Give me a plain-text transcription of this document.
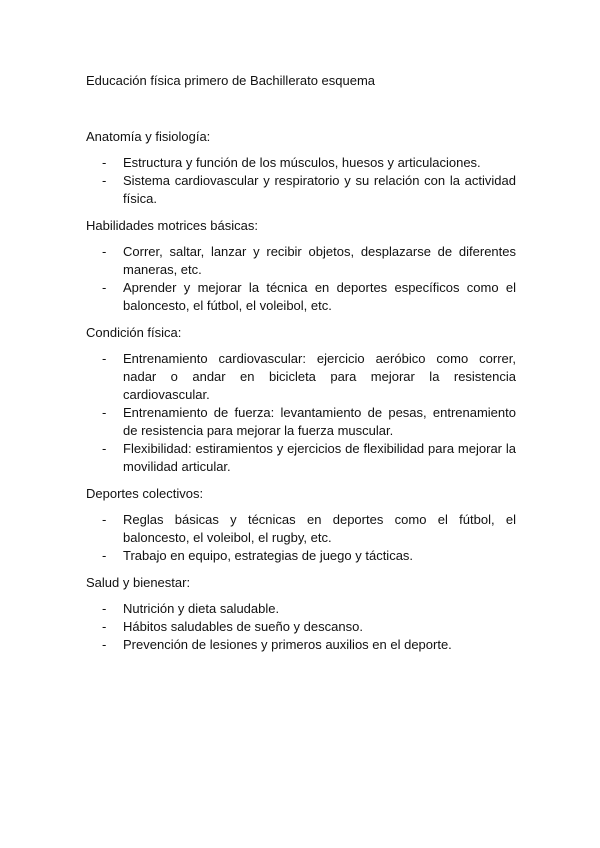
Educación física primero de Bachillerato esquema
Anatomía y fisiología:
- Estructura y función de los músculos, huesos y articulaciones.
- Sistema cardiovascular y respiratorio y su relación con la actividad física.
Habilidades motrices básicas:
- Correr, saltar, lanzar y recibir objetos, desplazarse de diferentes maneras, etc.
- Aprender y mejorar la técnica en deportes específicos como el baloncesto, el fútbol, el voleibol, etc.
Condición física:
- Entrenamiento cardiovascular: ejercicio aeróbico como correr, nadar o andar en bicicleta para mejorar la resistencia cardiovascular.
- Entrenamiento de fuerza: levantamiento de pesas, entrenamiento de resistencia para mejorar la fuerza muscular.
- Flexibilidad: estiramientos y ejercicios de flexibilidad para mejorar la movilidad articular.
Deportes colectivos:
- Reglas básicas y técnicas en deportes como el fútbol, el baloncesto, el voleibol, el rugby, etc.
- Trabajo en equipo, estrategias de juego y tácticas.
Salud y bienestar:
- Nutrición y dieta saludable.
- Hábitos saludables de sueño y descanso.
- Prevención de lesiones y primeros auxilios en el deporte.
